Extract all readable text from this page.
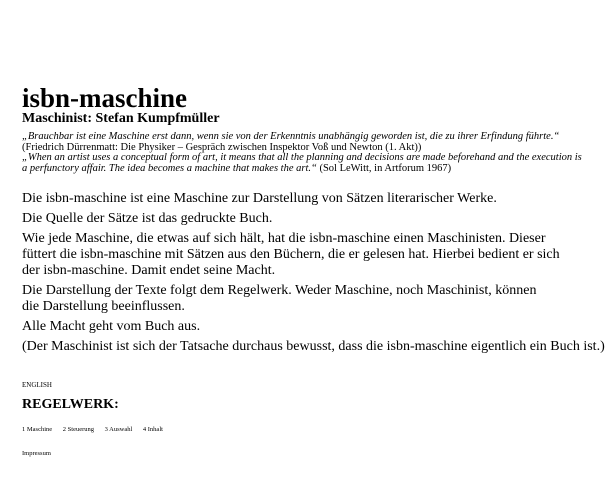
isbn-maschine
Maschinist: Stefan Kumpfmüller
„Brauchbar ist eine Maschine erst dann, wenn sie von der Erkenntnis unabhängig geworden ist, die zu ihrer Erfindung führte.“
(Friedrich Dürrenmatt: Die Physiker – Gespräch zwischen Inspektor Voß und Newton (1. Akt))
„When an artist uses a conceptual form of art, it means that all the planning and decisions are made beforehand and the execution is
a perfunctory affair. The idea becomes a machine that makes the art.“ (Sol LeWitt, in Artforum 1967)

Die isbn-maschine ist eine Maschine zur Darstellung von Sätzen literarischer Werke.

Die Quelle der Sätze ist das gedruckte Buch.

Wie jede Maschine, die etwas auf sich hält, hat die isbn-maschine einen Maschinisten. Dieser
füttert die isbn-maschine mit Sätzen aus den Büchern, die er gelesen hat. Hierbei bedient er sich
der isbn-maschine. Damit endet seine Macht.

Die Darstellung der Texte folgt dem Regelwerk. Weder Maschine, noch Maschinist, können
die Darstellung beeinflussen.

Alle Macht geht vom Buch aus.

(Der Maschinist ist sich der Tatsache durchaus bewusst, dass die isbn-maschine eigentlich ein Buch ist.)

ENGLISH
REGELWERK:
1 Maschine 2 Steuerung 3 Auswahl 4 Inhalt
Impressum
